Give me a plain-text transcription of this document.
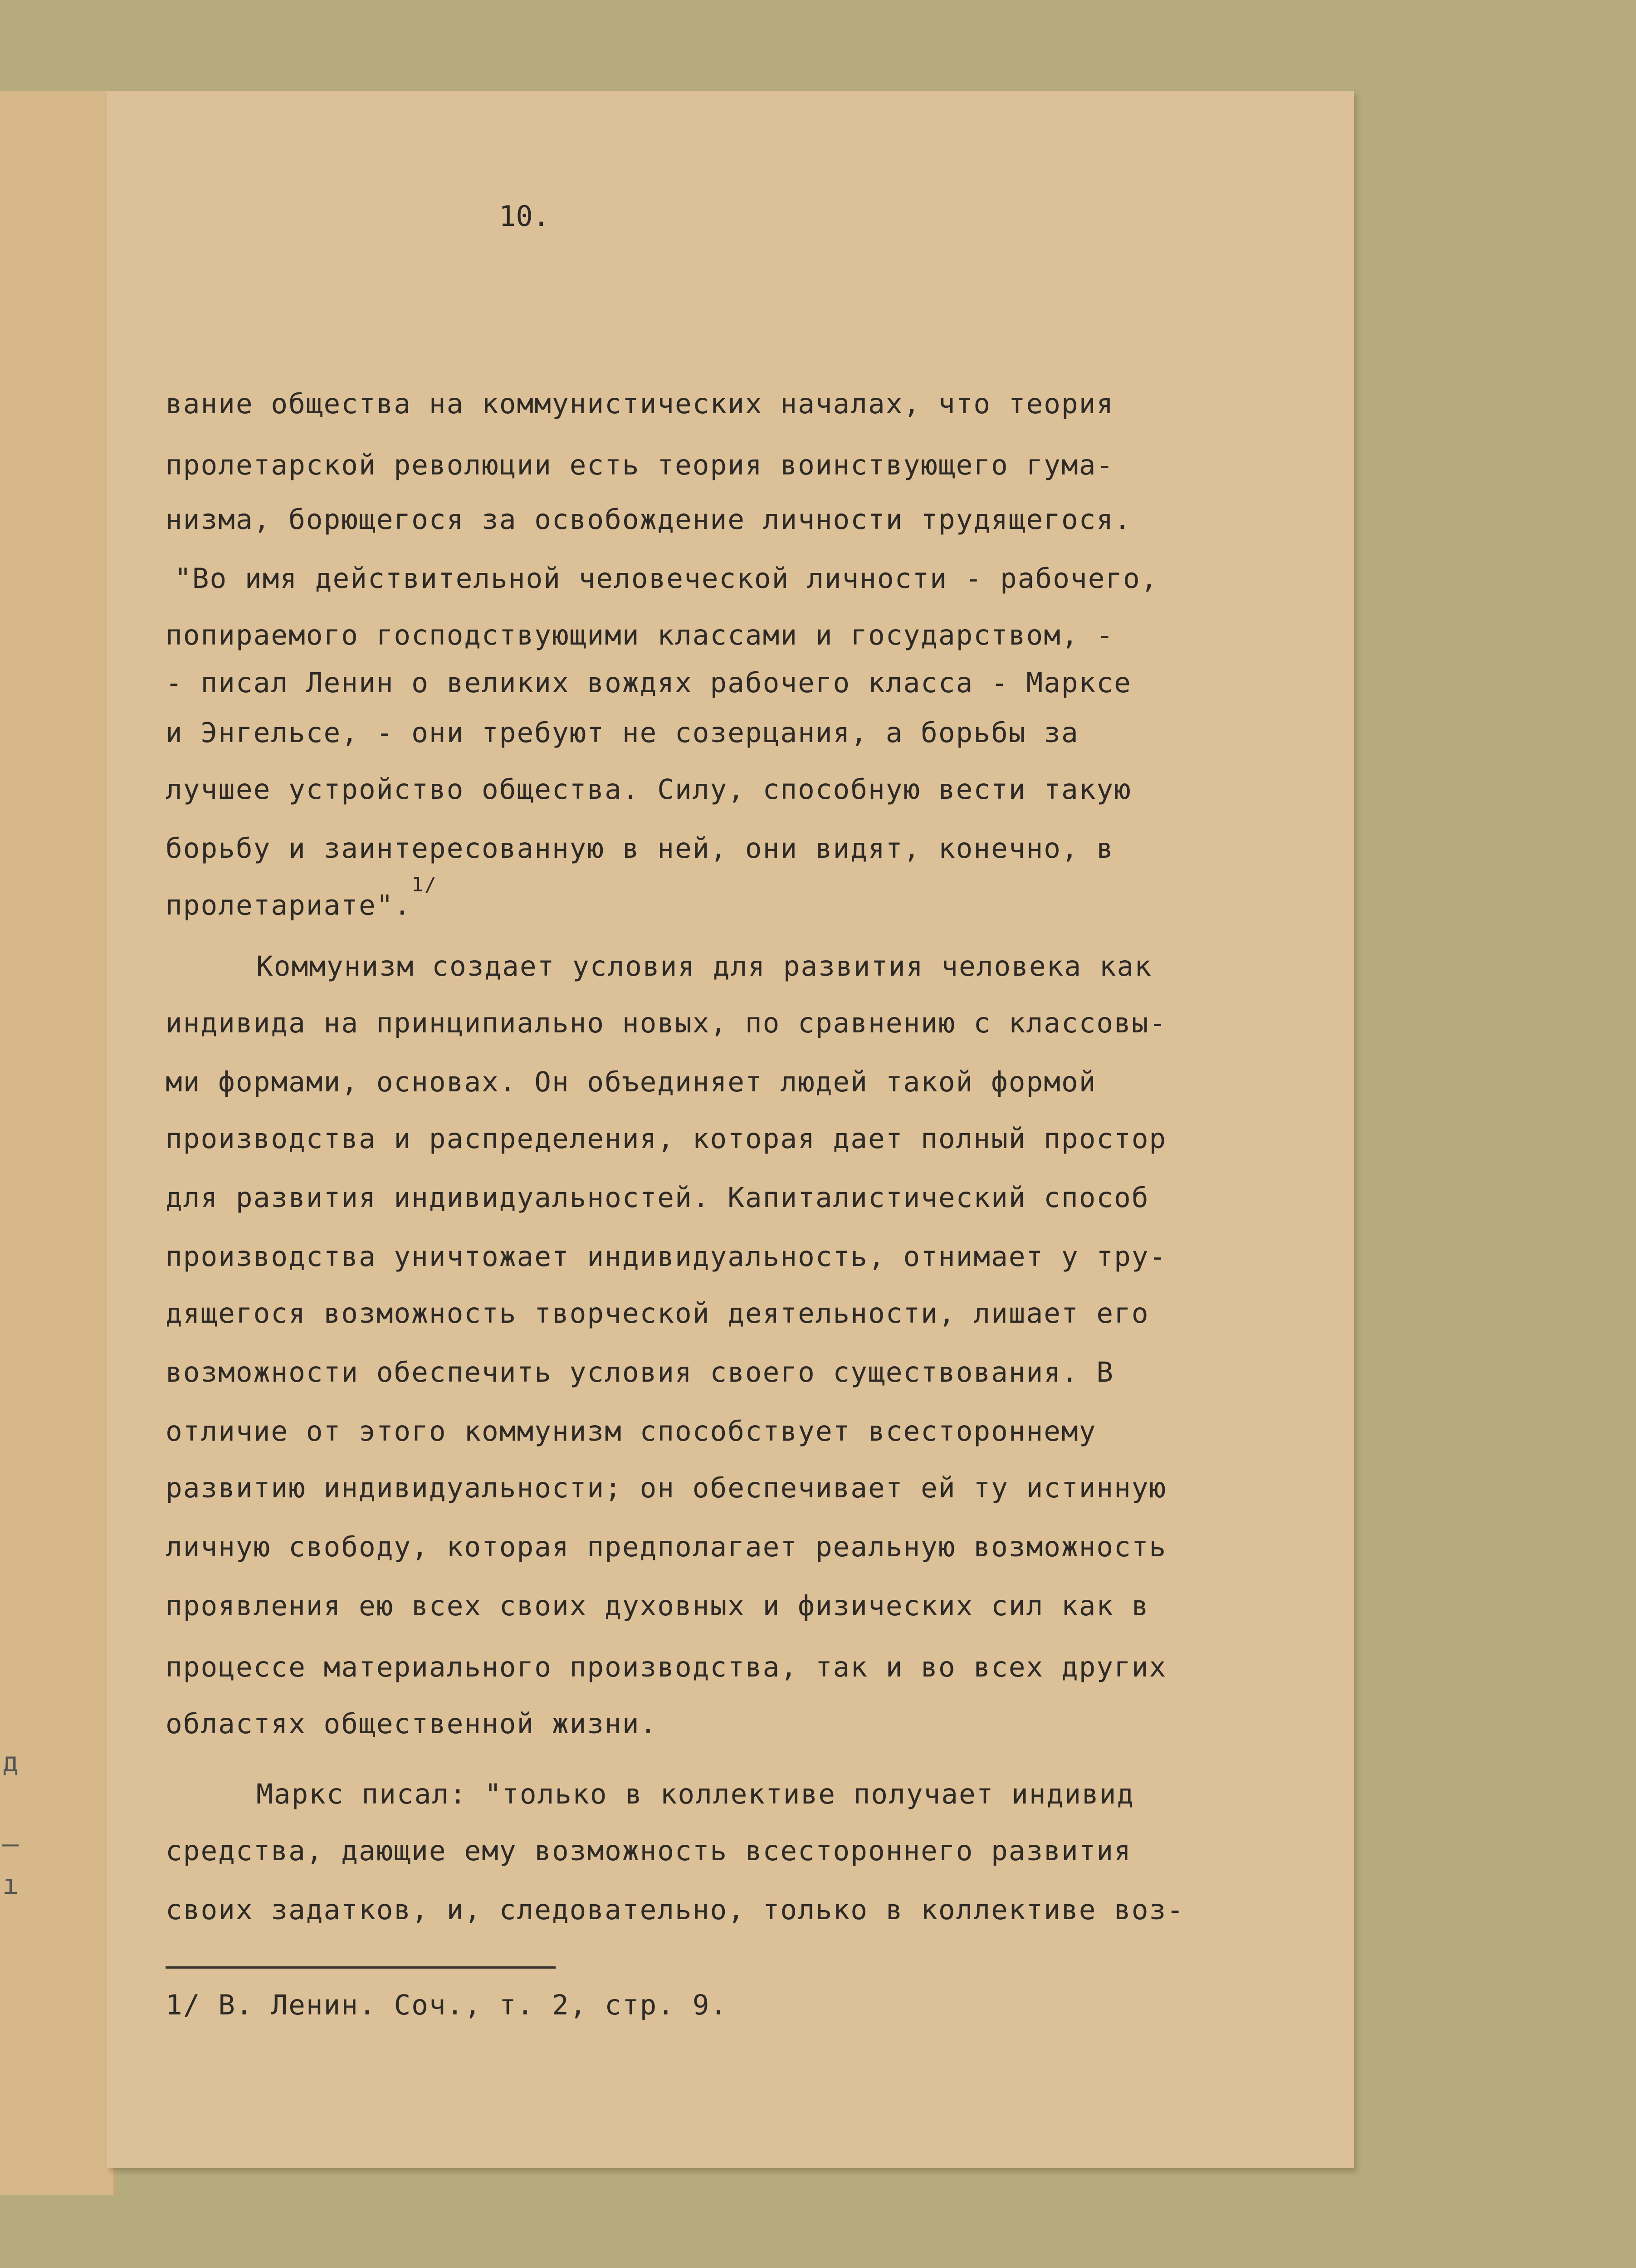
д
—
ı
10.
вание общества на коммунистических началах, что теория
пролетарской революции есть теория воинствующего гума-
низма, борющегося за освобождение личности трудящегося.
"Во имя действительной человеческой личности - рабочего,
попираемого господствующими классами и государством, -
- писал Ленин о великих вождях рабочего класса - Марксе
и Энгельсе, - они требуют не созерцания, а борьбы за
лучшее устройство общества. Силу, способную вести такую
борьбу и заинтересованную в ней, они видят, конечно, в
пролетариате".$^{1/}$
Коммунизм создает условия для развития человека как
индивида на принципиально новых, по сравнению с классовы-
ми формами, основах. Он объединяет людей такой формой
производства и распределения, которая дает полный простор
для развития индивидуальностей. Капиталистический способ
производства уничтожает индивидуальность, отнимает у тру-
дящегося возможность творческой деятельности, лишает его
возможности обеспечить условия своего существования. В
отличие от этого коммунизм способствует всестороннему
развитию индивидуальности; он обеспечивает ей ту истинную
личную свободу, которая предполагает реальную возможность
проявления ею всех своих духовных и физических сил как в
процессе материального производства, так и во всех других
областях общественной жизни.
Маркс писал: "только в коллективе получает индивид
средства, дающие ему возможность всестороннего развития
своих задатков, и, следовательно, только в коллективе воз-
1/ В. Ленин. Соч., т. 2, стр. 9.
